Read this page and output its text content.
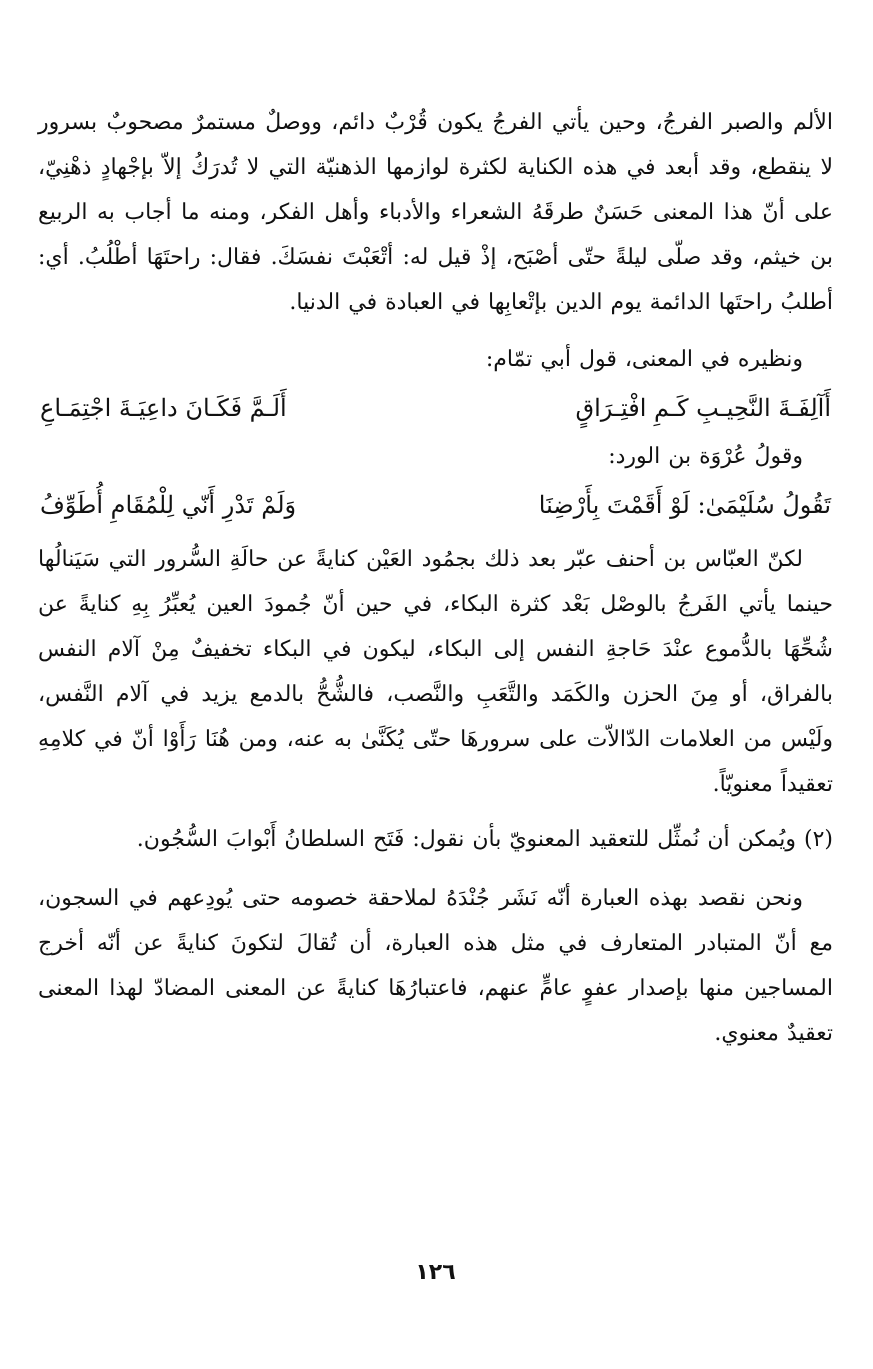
الألم والصبر الفرجُ، وحين يأتي الفرجُ يكون قُرْبٌ دائم، ووصلٌ مستمرٌ مصحوبٌ بسرور لا ينقطع، وقد أبعد في هذه الكناية لكثرة لوازمها الذهنيّة التي لا تُدرَكُ إلاّ بإجْهادٍ ذهْنِيّ، على أنّ هذا المعنى حَسَنٌ طرقَهُ الشعراء والأدباء وأهل الفكر، ومنه ما أجاب به الربيع بن خيثم، وقد صلّى ليلةً حتّى أصْبَح، إذْ قيل له: أتْعَبْتَ نفسَكَ. فقال: راحتَهَا أطْلُبُ. أي: أطلبُ راحتَها الدائمة يوم الدين بإتْعابِها في العبادة في الدنيا.

ونظيره في المعنى، قول أبي تمّام:

أَآلِفَـةَ النَّحِيـبِ كَـمِ افْتِـرَاقٍ
أَلَـمَّ فَكَـانَ داعِيَـةَ اجْتِمَـاعِ

وقولُ عُرْوَة بن الورد:

تَقُولُ سُلَيْمَىٰ: لَوْ أَقَمْتَ بِأَرْضِنَا
وَلَمْ تَدْرِ أَنّي لِلْمُقَامِ أُطَوِّفُ

لكنّ العبّاس بن أحنف عبّر بعد ذلك بجمُود العَيْن كنايةً عن حالَةِ السُّرور التي سَيَنالُها حينما يأتي الفَرجُ بالوصْل بَعْد كثرة البكاء، في حين أنّ جُمودَ العين يُعبِّرُ بِهِ كنايةً عن شُحِّهَا بالدُّموع عنْدَ حَاجةِ النفس إلى البكاء، ليكون في البكاء تخفيفٌ مِنْ آلام النفس بالفراق، أو مِنَ الحزن والكَمَد والتَّعَبِ والنَّصب، فالشُّحُّ بالدمع يزيد في آلام النَّفس، ولَيْس من العلامات الدّالاّت على سرورهَا حتّى يُكَنَّىٰ به عنه، ومن هُنَا رَأَوْا أنّ في كلامِهِ تعقيداً معنويّاً.

(٢) ويُمكن أن نُمثِّل للتعقيد المعنويّ بأن نقول: فَتَح السلطانُ أَبْوابَ السُّجُون.

ونحن نقصد بهذه العبارة أنّه نَشَر جُنْدَهُ لملاحقة خصومه حتى يُودِعهم في السجون، مع أنّ المتبادر المتعارف في مثل هذه العبارة، أن تُقالَ لتكونَ كنايةً عن أنّه أخرج المساجين منها بإصدار عفوٍ عامٍّ عنهم، فاعتبارُهَا كنايةً عن المعنى المضادّ لهذا المعنى تعقيدٌ معنوي.

١٢٦
